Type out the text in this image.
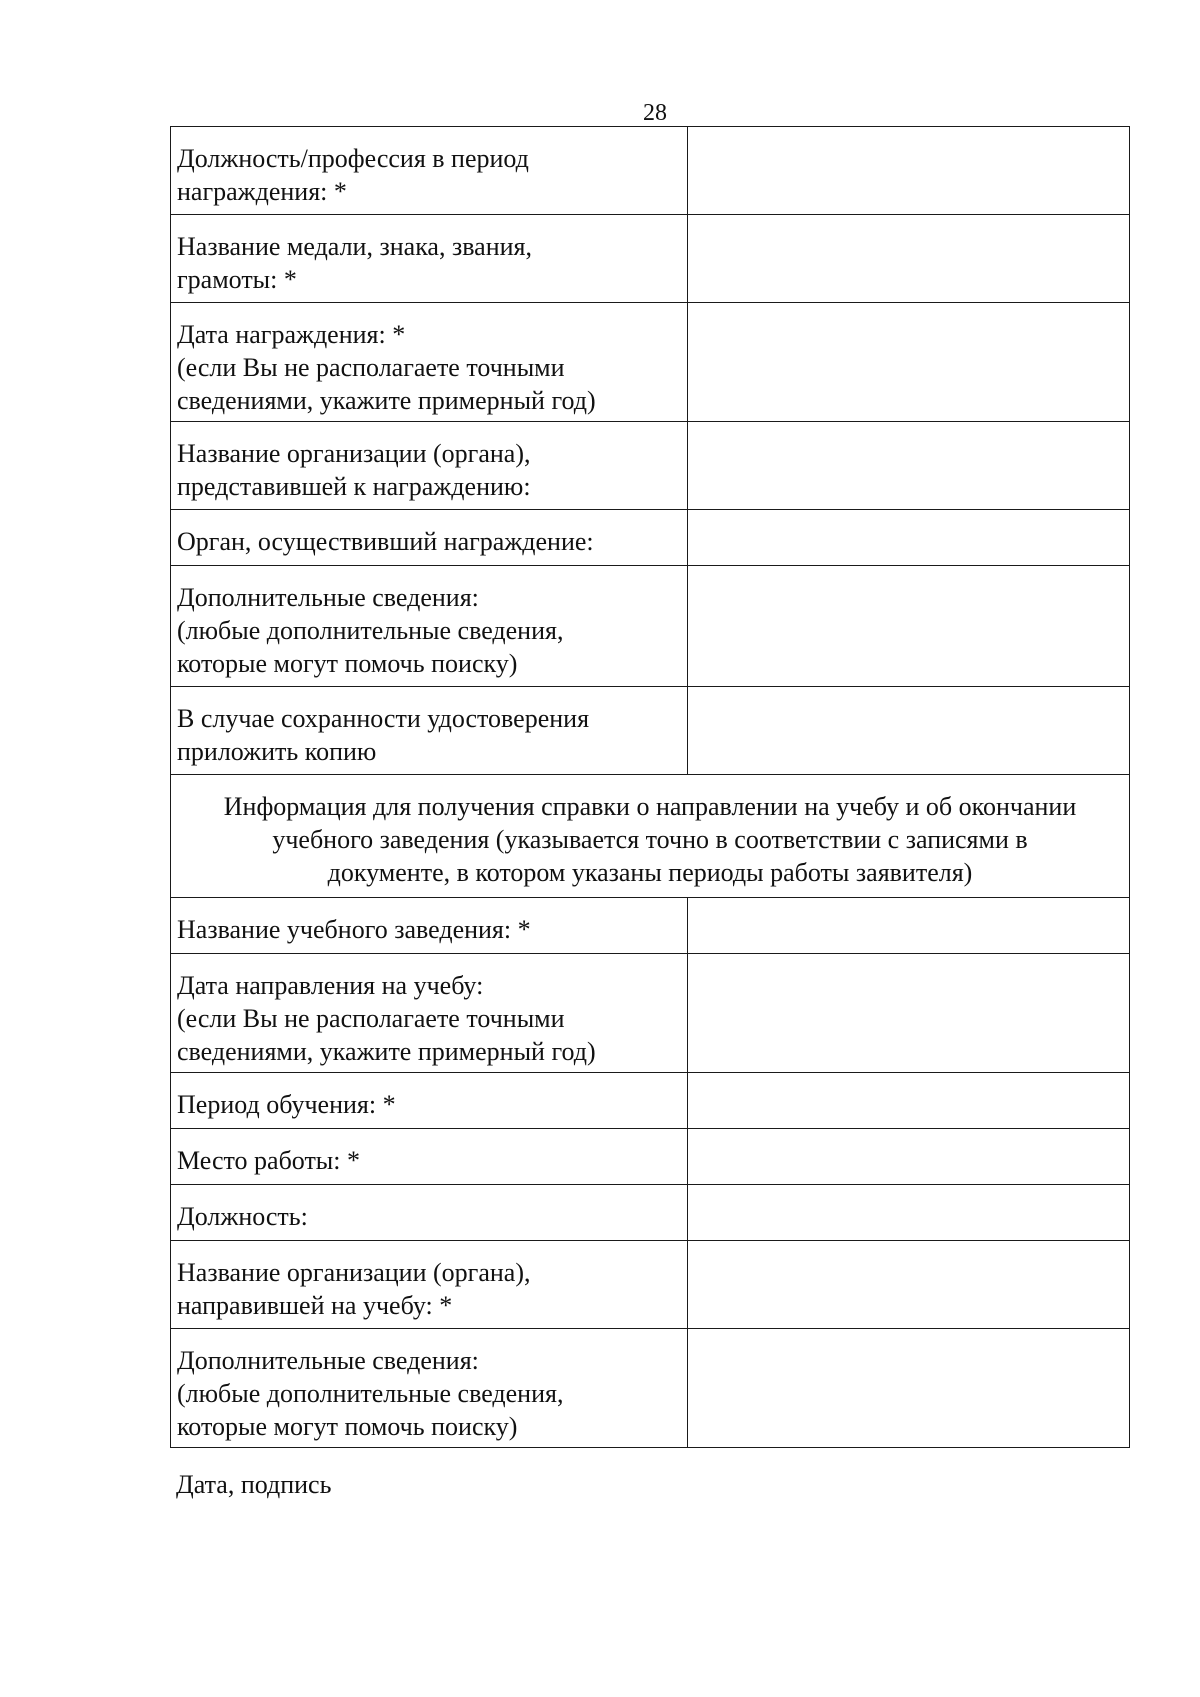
28
Должность/профессия в период
награждения: *	

Название медали, знака, звания,
грамоты: *	

Дата награждения: *
(если Вы не располагаете точными
сведениями, укажите примерный год)	

Название организации (органа),
представившей к награждению:	

Орган, осуществивший награждение:	

Дополнительные сведения:
(любые дополнительные сведения,
которые могут помочь поиску)	

В случае сохранности удостоверения
приложить копию	

Информация для получения справки о направлении на учебу и об окончании
учебного заведения (указывается точно в соответствии с записями в
документе, в котором указаны периоды работы заявителя)	

Название учебного заведения: *	

Дата направления на учебу:
(если Вы не располагаете точными
сведениями, укажите примерный год)	

Период обучения: *	

Место работы: *	

Должность:	

Название организации (органа),
направившей на учебу: *	

Дополнительные сведения:
(любые дополнительные сведения,
которые могут помочь поиску)	

Дата, подпись
